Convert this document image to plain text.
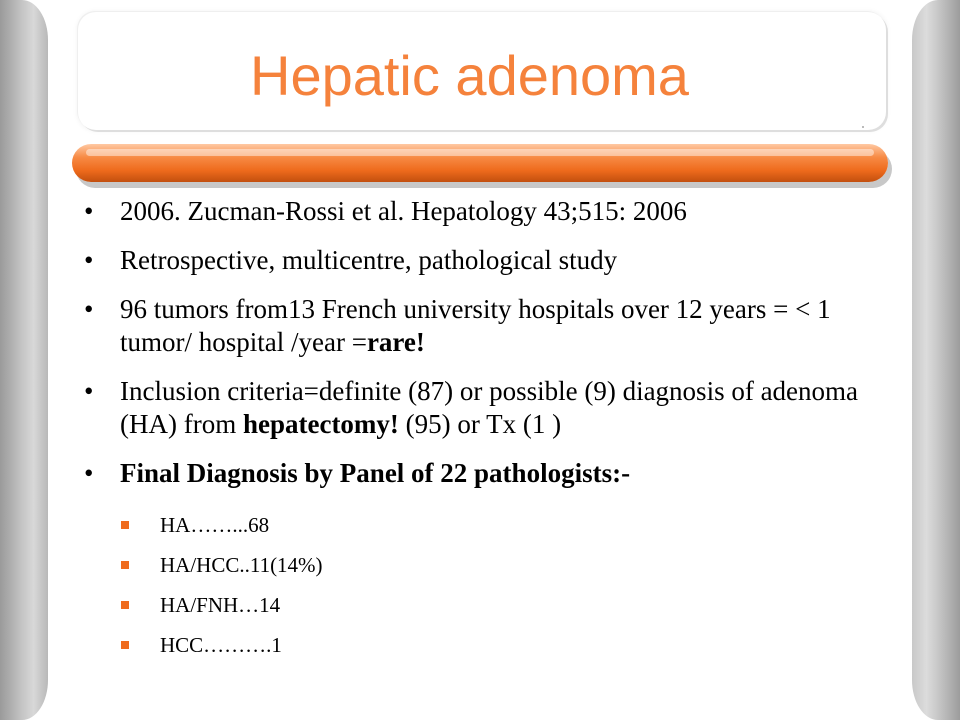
Hepatic adenoma
• 2006. Zucman-Rossi et al. Hepatology 43;515: 2006
• Retrospective, multicentre, pathological study
• 96 tumors from13 French university hospitals over 12 years = < 1 tumor/ hospital /year =rare!
• Inclusion criteria=definite (87) or possible (9) diagnosis of adenoma (HA) from hepatectomy! (95) or Tx (1 )
• Final Diagnosis by Panel of 22 pathologists:-
HA……...68
HA/HCC..11(14%)
HA/FNH…14
HCC……….1
